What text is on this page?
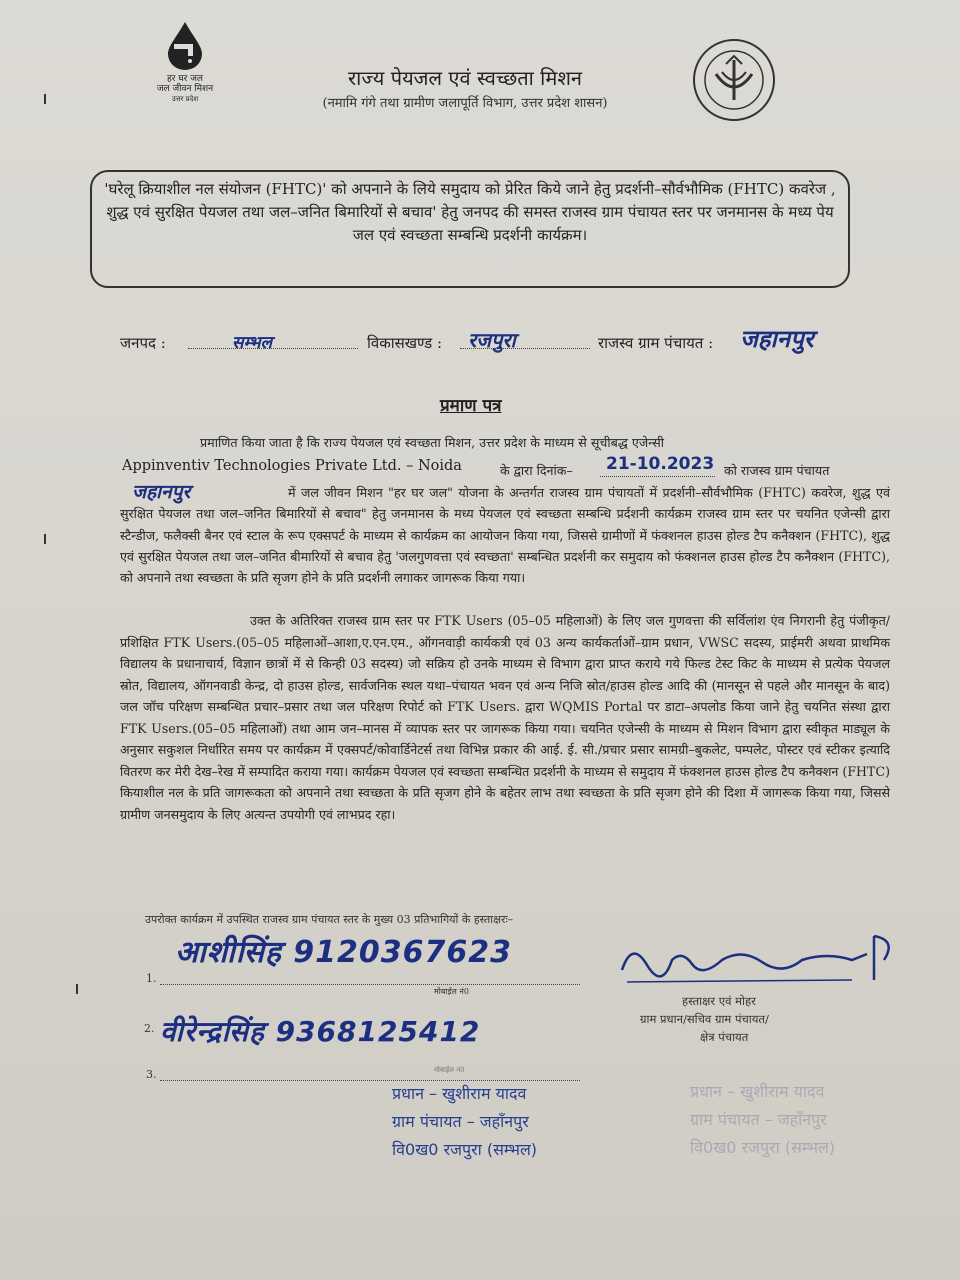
हर घर जल
जल जीवन मिशन
उत्तर प्रदेश
राज्य पेयजल एवं स्वच्छता मिशन
(नमामि गंगे तथा ग्रामीण जलापूर्ति विभाग, उत्तर प्रदेश शासन)
'घरेलू क्रियाशील नल संयोजन (FHTC)' को अपनाने के लिये समुदाय को प्रेरित किये जाने हेतु प्रदर्शनी–सौर्वभौमिक (FHTC) कवरेज , शुद्ध एवं सुरक्षित पेयजल तथा जल–जनित बिमारियों से बचाव' हेतु जनपद की समस्त राजस्व ग्राम पंचायत स्तर पर जनमानस के मध्य पेय जल एवं स्वच्छता सम्बन्धि प्रदर्शनी कार्यक्रम।
जनपद :	सम्भल	विकासखण्ड : रजपुरा	राजस्व ग्राम पंचायत : जहानपुर
प्रमाण पत्र
प्रमाणित किया जाता है कि राज्य पेयजल एवं स्वच्छता मिशन, उत्तर प्रदेश के माध्यम से सूचीबद्ध एजेन्सी
Appinventiv Technologies Private Ltd. – Noida	के द्वारा दिनांक– 21-10.2023 को राजस्व ग्राम पंचायत
जहानपुर	में जल जीवन मिशन "हर घर जल" योजना के अन्तर्गत राजस्व ग्राम पंचायतों में प्रदर्शनी–सौर्वभौमिक (FHTC) कवरेज, शुद्ध एवं सुरक्षित पेयजल तथा जल–जनित बिमारियों से बचाव" हेतु जनमानस के मध्य पेयजल एवं स्वच्छता सम्बन्धि प्रर्दशनी कार्यक्रम राजस्व ग्राम स्तर पर चयनित एजेन्सी द्वारा स्टैन्डीज, फलैक्सी बैनर एवं स्टाल के रूप एक्सपर्ट के माध्यम से कार्यक्रम का आयोजन किया गया, जिससे ग्रामीणों में फंक्शनल हाउस होल्ड टैप कनैक्शन (FHTC), शुद्ध एवं सुरक्षित पेयजल तथा जल–जनित बीमारियों से बचाव हेतु 'जलगुणवत्ता एवं स्वच्छता' सम्बन्धित प्रदर्शनी कर समुदाय को फंक्शनल हाउस होल्ड टैप कनैक्शन (FHTC), को अपनाने तथा स्वच्छता के प्रति सृजग होने के प्रति प्रदर्शनी लगाकर जागरूक किया गया।
उक्त के अतिरिक्त राजस्व ग्राम स्तर पर FTK Users (05–05 महिलाओं) के लिए जल गुणवत्ता की सर्विलांश एंव निगरानी हेतु पंजीकृत/प्रशिक्षित FTK Users.(05–05 महिलाओं–आशा,ए.एन.एम., ऑगनवाड़ी कार्यकत्री एवं 03 अन्य कार्यकर्ताओं–ग्राम प्रधान, VWSC सदस्य, प्राईमरी अथवा प्राथमिक विद्यालय के प्रधानाचार्य, विज्ञान छात्रों में से किन्ही 03 सदस्य) जो सक्रिय हो उनके माध्यम से विभाग द्वारा प्राप्त कराये गये फिल्ड टेस्ट किट के माध्यम से प्रत्येक पेयजल स्रोत, विद्यालय, ऑगनवाडी केन्द्र, दो हाउस होल्ड, सार्वजनिक स्थल यथा–पंचायत भवन एवं अन्य निजि स्रोत/हाउस होल्ड आदि की (मानसून से पहले और मानसून के बाद) जल जॉच परिक्षण सम्बन्धित प्रचार–प्रसार तथा जल परिक्षण रिपोर्ट को FTK Users. द्वारा WQMIS Portal पर डाटा–अपलोड किया जाने हेतु चयनित संस्था द्वारा FTK Users.(05–05 महिलाओं) तथा आम जन–मानस में व्यापक स्तर पर जागरूक किया गया। चयनित एजेन्सी के माध्यम से मिशन विभाग द्वारा स्वीकृत माड्यूल के अनुसार सकुशल निर्धारित समय पर कार्यक्रम में एक्सपर्ट/कोवार्डिनेटर्स तथा विभिन्न प्रकार की आई. ई. सी./प्रचार प्रसार सामग्री–बुकलेट, पम्पलेट, पोस्टर एवं स्टीकर इत्यादि वितरण कर मेरी देख–रेख में सम्पादित कराया गया। कार्यक्रम पेयजल एवं स्वच्छता सम्बन्धित प्रदर्शनी के माध्यम से समुदाय में फंक्शनल हाउस होल्ड टैप कनैक्शन (FHTC) कियाशील नल के प्रति जागरूकता को अपनाने तथा स्वच्छता के प्रति सृजग होने के बहेतर लाभ तथा स्वच्छता के प्रति सृजग होने की दिशा में जागरूक किया गया, जिससे ग्रामीण जनसमुदाय के लिए अत्यन्त उपयोगी एवं लाभप्रद रहा।
उपरोक्त कार्यक्रम में उपस्थित राजस्व ग्राम पंचायत स्तर के मुख्य 03 प्रतिभागियों के हस्ताक्षरः–
1.
आशीसिंह 9120367623
मोबाईल नं0
2. वीरेन्द्रसिंह 9368125412
3.	मोबाईल नं0
हस्ताक्षर एवं मोहर
ग्राम प्रधान/सचिव ग्राम पंचायत/
क्षेत्र पंचायत
प्रधान – खुशीराम यादव
ग्राम पंचायत – जहाँनपुर
वि0ख0 रजपुरा (सम्भल)
प्रधान – खुशीराम यादव
ग्राम पंचायत – जहाँनपुर
वि0ख0 रजपुरा (सम्भल)
